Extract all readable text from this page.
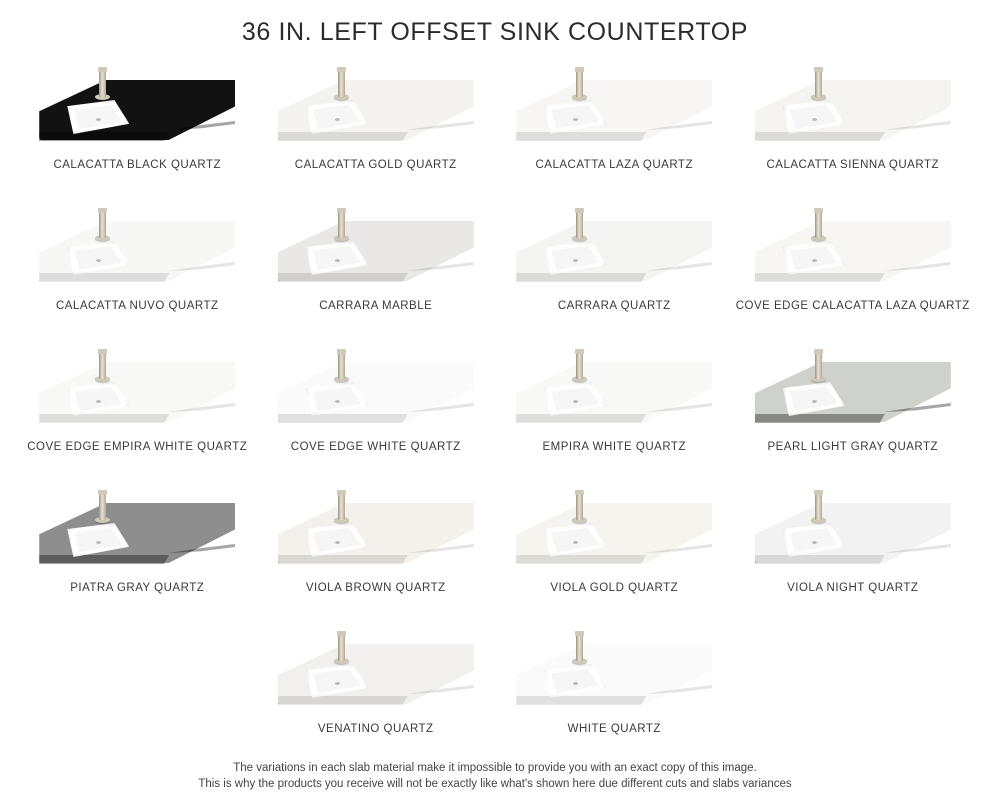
36 IN. LEFT OFFSET SINK COUNTERTOP
CALACATTA BLACK QUARTZ	CALACATTA GOLD QUARTZ	CALACATTA LAZA QUARTZ	CALACATTA SIENNA QUARTZ
CALACATTA NUVO QUARTZ	CARRARA MARBLE	CARRARA QUARTZ	COVE EDGE CALACATTA LAZA QUARTZ
COVE EDGE EMPIRA WHITE QUARTZ	COVE EDGE WHITE QUARTZ	EMPIRA WHITE QUARTZ	PEARL LIGHT GRAY QUARTZ
PIATRA GRAY QUARTZ	VIOLA BROWN QUARTZ	VIOLA GOLD QUARTZ	VIOLA NIGHT QUARTZ
VENATINO QUARTZ	WHITE QUARTZ
The variations in each slab material make it impossible to provide you with an exact copy of this image.
This is why the products you receive will not be exactly like what's shown here due different cuts and slabs variances
